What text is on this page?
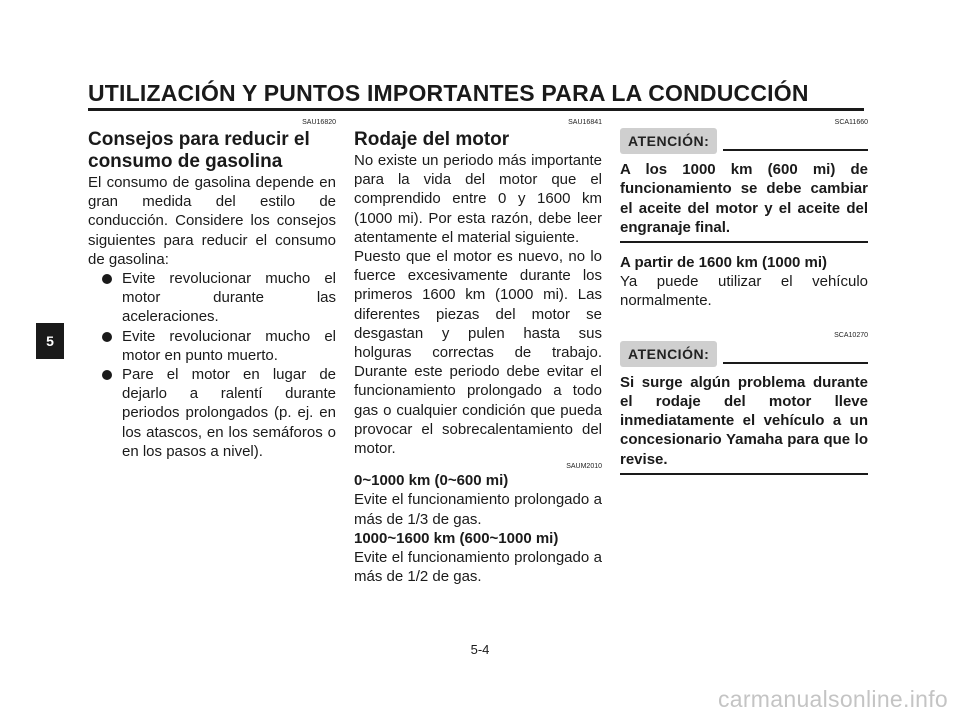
UTILIZACIÓN Y PUNTOS IMPORTANTES PARA LA CONDUCCIÓN
5
SAU16820
Consejos para reducir el consumo de gasolina

El consumo de gasolina depende en gran medida del estilo de conducción. Considere los consejos siguientes para reducir el consumo de gasolina:

Evite revolucionar mucho el motor durante las aceleraciones.
Evite revolucionar mucho el motor en punto muerto.
Pare el motor en lugar de dejarlo a ralentí durante periodos prolongados (p. ej. en los atascos, en los semáforos o en los pasos a nivel).
SAU16841
Rodaje del motor

No existe un periodo más importante para la vida del motor que el comprendido entre 0 y 1600 km (1000 mi). Por esta razón, debe leer atentamente el material siguiente.

Puesto que el motor es nuevo, no lo fuerce excesivamente durante los primeros 1600 km (1000 mi). Las diferentes piezas del motor se desgastan y pulen hasta sus holguras correctas de trabajo. Durante este periodo debe evitar el funcionamiento prolongado a todo gas o cualquier condición que pueda provocar el sobrecalentamiento del motor.

SAUM2010

0~1000 km (0~600 mi)

Evite el funcionamiento prolongado a más de 1/3 de gas.

1000~1600 km (600~1000 mi)

Evite el funcionamiento prolongado a más de 1/2 de gas.

SCA11660
ATENCIÓN:

A los 1000 km (600 mi) de funcionamiento se debe cambiar el aceite del motor y el aceite del engranaje final.

A partir de 1600 km (1000 mi)

Ya puede utilizar el vehículo normalmente.

SCA10270
ATENCIÓN:

Si surge algún problema durante el rodaje del motor lleve inmediatamente el vehículo a un concesionario Yamaha para que lo revise.

5-4
carmanualsonline.info
